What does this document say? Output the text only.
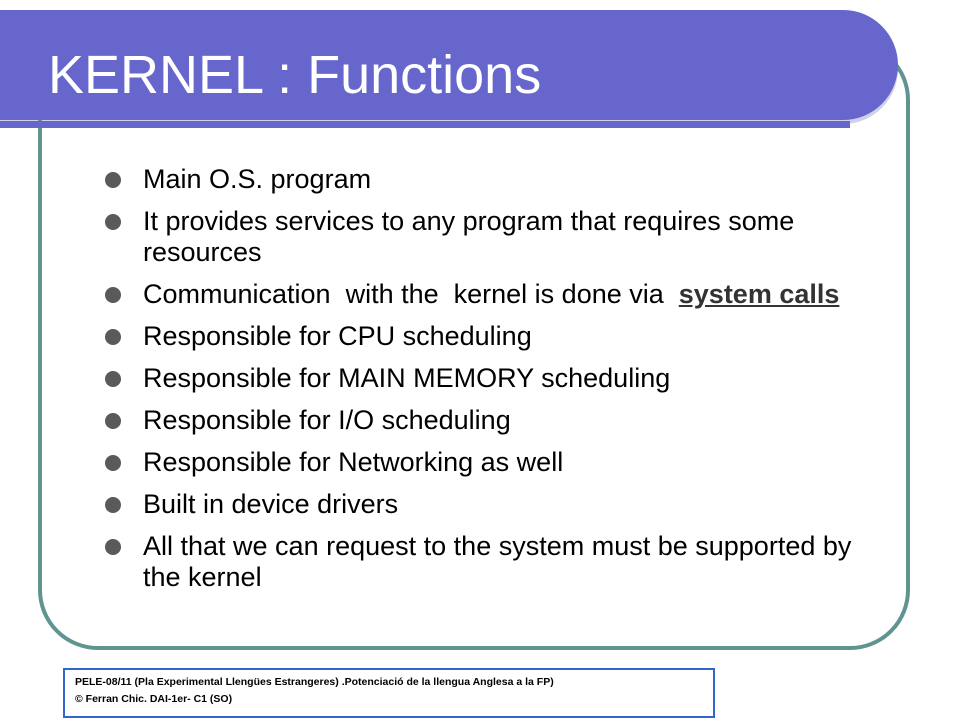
KERNEL : Functions
Main O.S. program
It provides services to any program that requires some resources
Communication  with the  kernel is done via  system calls
Responsible for CPU scheduling
Responsible for MAIN MEMORY scheduling
Responsible for I/O scheduling
Responsible for Networking as well
Built in device drivers
All that we can request to the system must be supported by the kernel

PELE-08/11 (Pla Experimental Llengües Estrangeres) .Potenciació de la llengua Anglesa a la FP)

© Ferran Chic. DAI-1er- C1 (SO)
